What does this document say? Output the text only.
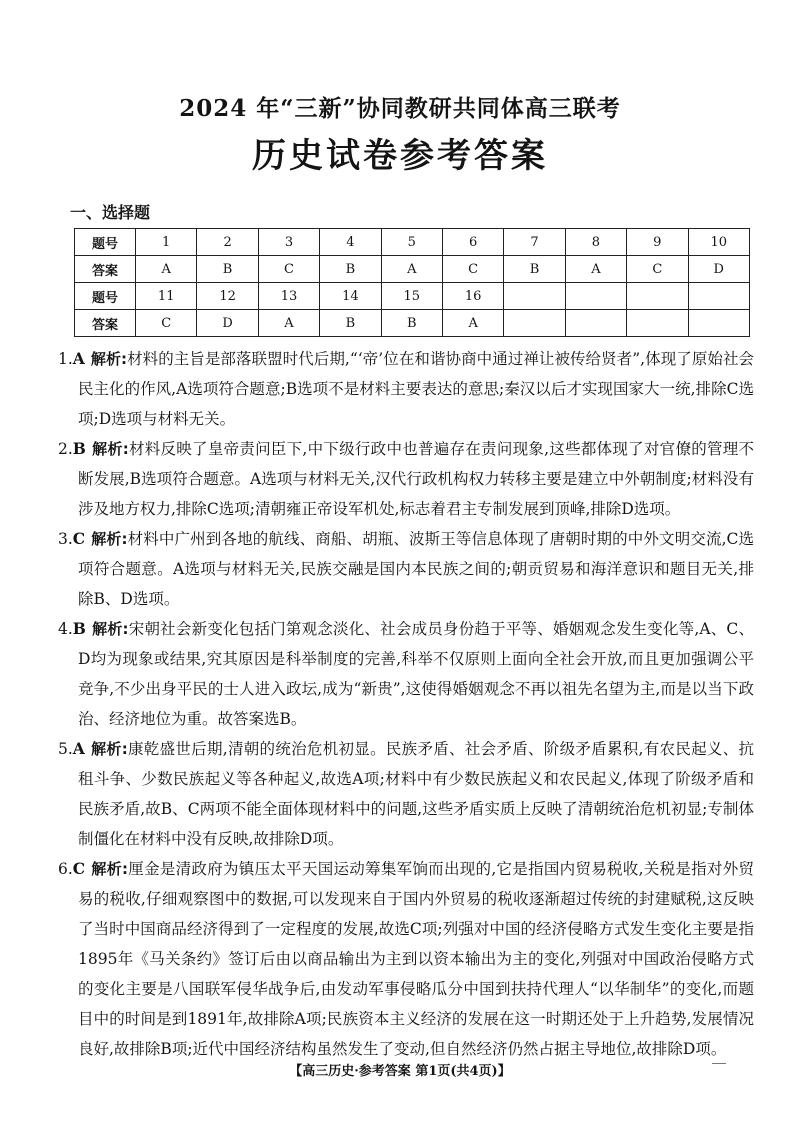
2024 年“三新”协同教研共同体高三联考
历史试卷参考答案
一、选择题
题号	1	2	3	4	5	6	7	8	9	10
答案	A	B	C	B	A	C	B	A	C	D
题号	11	12	13	14	15	16				
答案	C	D	A	B	B	A				

1.A 解析:材料的主旨是部落联盟时代后期,“‘帝’位在和谐协商中通过禅让被传给贤者”,体现了原始社会民主化的作风,A选项符合题意;B选项不是材料主要表达的意思;秦汉以后才实现国家大一统,排除C选项;D选项与材料无关。

2.B 解析:材料反映了皇帝责问臣下,中下级行政中也普遍存在责问现象,这些都体现了对官僚的管理不断发展,B选项符合题意。A选项与材料无关,汉代行政机构权力转移主要是建立中外朝制度;材料没有涉及地方权力,排除C选项;清朝雍正帝设军机处,标志着君主专制发展到顶峰,排除D选项。

3.C 解析:材料中广州到各地的航线、商船、胡瓶、波斯王等信息体现了唐朝时期的中外文明交流,C选项符合题意。A选项与材料无关,民族交融是国内本民族之间的;朝贡贸易和海洋意识和题目无关,排除B、D选项。

4.B 解析:宋朝社会新变化包括门第观念淡化、社会成员身份趋于平等、婚姻观念发生变化等,A、C、D均为现象或结果,究其原因是科举制度的完善,科举不仅原则上面向全社会开放,而且更加强调公平竞争,不少出身平民的士人进入政坛,成为“新贵”,这使得婚姻观念不再以祖先名望为主,而是以当下政治、经济地位为重。故答案选B。

5.A 解析:康乾盛世后期,清朝的统治危机初显。民族矛盾、社会矛盾、阶级矛盾累积,有农民起义、抗租斗争、少数民族起义等各种起义,故选A项;材料中有少数民族起义和农民起义,体现了阶级矛盾和民族矛盾,故B、C两项不能全面体现材料中的问题,这些矛盾实质上反映了清朝统治危机初显;专制体制僵化在材料中没有反映,故排除D项。

6.C 解析:厘金是清政府为镇压太平天国运动筹集军饷而出现的,它是指国内贸易税收,关税是指对外贸易的税收,仔细观察图中的数据,可以发现来自于国内外贸易的税收逐渐超过传统的封建赋税,这反映了当时中国商品经济得到了一定程度的发展,故选C项;列强对中国的经济侵略方式发生变化主要是指1895年《马关条约》签订后由以商品输出为主到以资本输出为主的变化,列强对中国政治侵略方式的变化主要是八国联军侵华战争后,由发动军事侵略瓜分中国到扶持代理人“以华制华”的变化,而题目中的时间是到1891年,故排除A项;民族资本主义经济的发展在这一时期还处于上升趋势,发展情况良好,故排除B项;近代中国经济结构虽然发生了变动,但自然经济仍然占据主导地位,故排除D项。

【高三历史·参考答案 第1页(共4页)】
